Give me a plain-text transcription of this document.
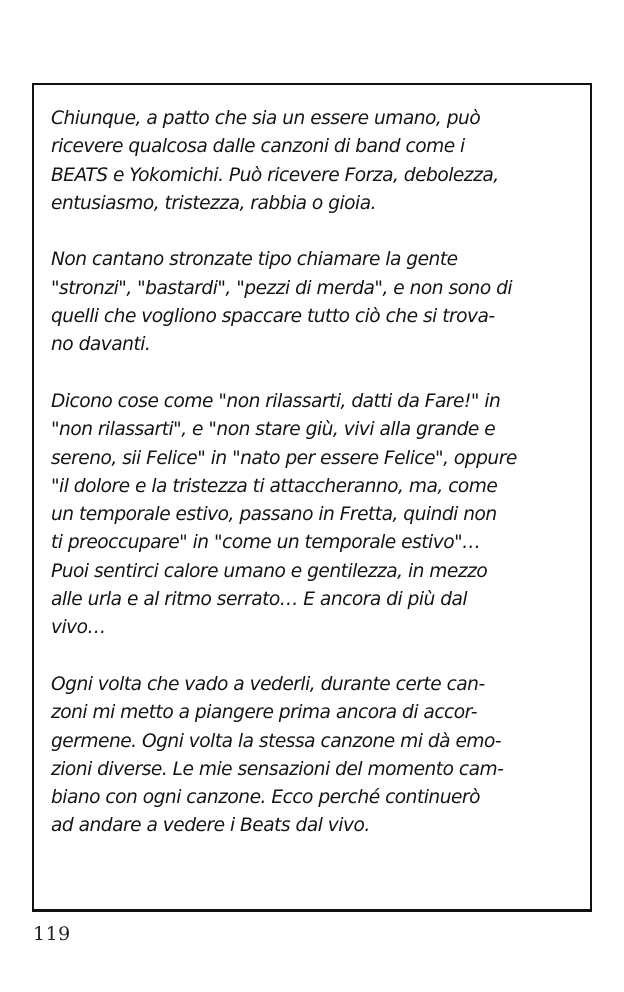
Chiunque, a patto che sia un essere umano, può
ricevere qualcosa dalle canzoni di band come i
BEATS e Yokomichi. Può ricevere Forza, debolezza,
entusiasmo, tristezza, rabbia o gioia.

Non cantano stronzate tipo chiamare la gente
"stronzi", "bastardi", "pezzi di merda", e non sono di
quelli che vogliono spaccare tutto ciò che si trova-
no davanti.

Dicono cose come "non rilassarti, datti da Fare!" in
"non rilassarti", e "non stare giù, vivi alla grande e
sereno, sii Felice" in "nato per essere Felice", oppure
"il dolore e la tristezza ti attaccheranno, ma, come
un temporale estivo, passano in Fretta, quindi non
ti preoccupare" in "come un temporale estivo"…
Puoi sentirci calore umano e gentilezza, in mezzo
alle urla e al ritmo serrato… E ancora di più dal
vivo…

Ogni volta che vado a vederli, durante certe can-
zoni mi metto a piangere prima ancora di accor-
germene. Ogni volta la stessa canzone mi dà emo-
zioni diverse. Le mie sensazioni del momento cam-
biano con ogni canzone. Ecco perché continuerò
ad andare a vedere i Beats dal vivo.

119
